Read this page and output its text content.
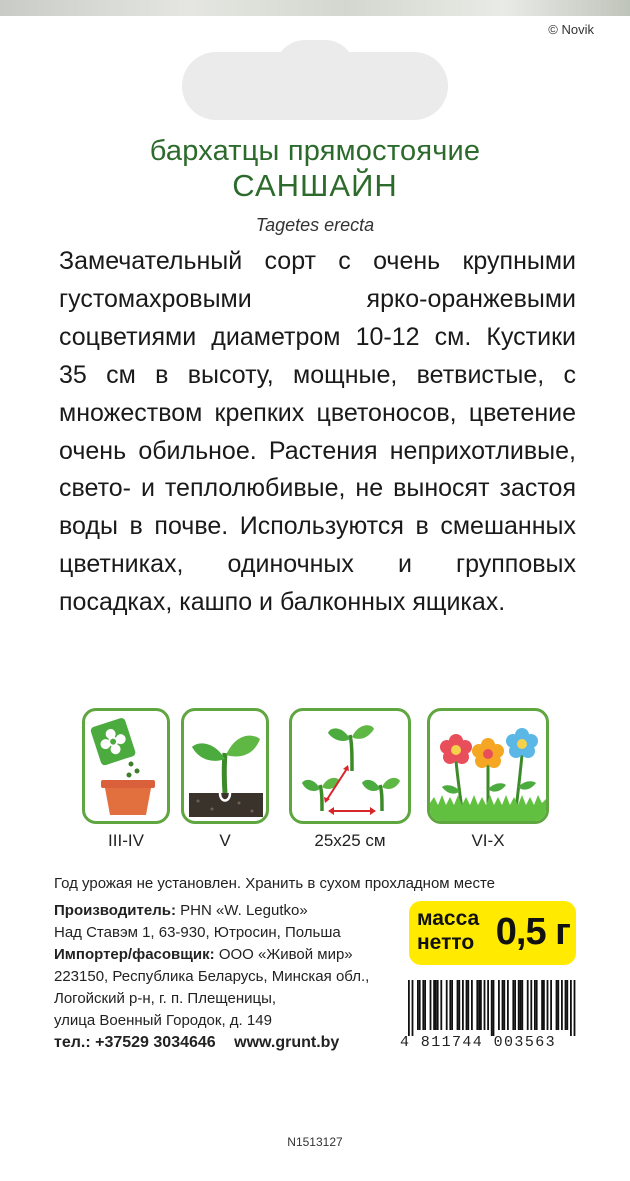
© Novik
бархатцы прямостоячие
САНШАЙН
Tagetes erecta
Замечательный сорт с очень крупными густомахровыми ярко-оранжевыми соцветиями диаметром 10-12 см. Кустики 35 см в высоту, мощные, ветвистые, с множеством крепких цветоносов, цветение очень обильное. Растения неприхотливые, свето- и теплолюбивые, не выносят застоя воды в почве. Используются в смешанных цветниках, одиночных и групповых посадках, кашпо и балконных ящиках.
III-IV	V	25x25 см	VI-X
Год урожая не установлен. Хранить в сухом прохладном месте
Производитель: PHN «W. Legutko»
Над Ставэм 1, 63-930, Ютросин, Польша
Импортер/фасовщик: ООО «Живой мир»
223150, Республика Беларусь, Минская обл.,
Логойский р-н, г. п. Плещеницы,
улица Военный Городок, д. 149
тел.: +37529 3034646 www.grunt.by
масса
нетто 0,5 г
4 811744 003563
N1513127
